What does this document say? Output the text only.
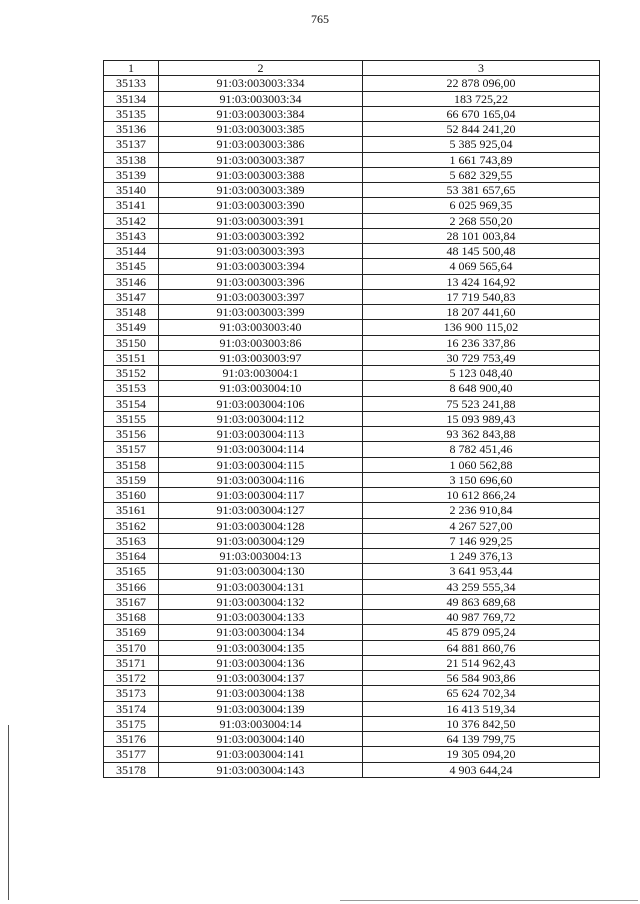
765
1	2	3
35133	91:03:003003:334	22 878 096,00
35134	91:03:003003:34	183 725,22
35135	91:03:003003:384	66 670 165,04
35136	91:03:003003:385	52 844 241,20
35137	91:03:003003:386	5 385 925,04
35138	91:03:003003:387	1 661 743,89
35139	91:03:003003:388	5 682 329,55
35140	91:03:003003:389	53 381 657,65
35141	91:03:003003:390	6 025 969,35
35142	91:03:003003:391	2 268 550,20
35143	91:03:003003:392	28 101 003,84
35144	91:03:003003:393	48 145 500,48
35145	91:03:003003:394	4 069 565,64
35146	91:03:003003:396	13 424 164,92
35147	91:03:003003:397	17 719 540,83
35148	91:03:003003:399	18 207 441,60
35149	91:03:003003:40	136 900 115,02
35150	91:03:003003:86	16 236 337,86
35151	91:03:003003:97	30 729 753,49
35152	91:03:003004:1	5 123 048,40
35153	91:03:003004:10	8 648 900,40
35154	91:03:003004:106	75 523 241,88
35155	91:03:003004:112	15 093 989,43
35156	91:03:003004:113	93 362 843,88
35157	91:03:003004:114	8 782 451,46
35158	91:03:003004:115	1 060 562,88
35159	91:03:003004:116	3 150 696,60
35160	91:03:003004:117	10 612 866,24
35161	91:03:003004:127	2 236 910,84
35162	91:03:003004:128	4 267 527,00
35163	91:03:003004:129	7 146 929,25
35164	91:03:003004:13	1 249 376,13
35165	91:03:003004:130	3 641 953,44
35166	91:03:003004:131	43 259 555,34
35167	91:03:003004:132	49 863 689,68
35168	91:03:003004:133	40 987 769,72
35169	91:03:003004:134	45 879 095,24
35170	91:03:003004:135	64 881 860,76
35171	91:03:003004:136	21 514 962,43
35172	91:03:003004:137	56 584 903,86
35173	91:03:003004:138	65 624 702,34
35174	91:03:003004:139	16 413 519,34
35175	91:03:003004:14	10 376 842,50
35176	91:03:003004:140	64 139 799,75
35177	91:03:003004:141	19 305 094,20
35178	91:03:003004:143	4 903 644,24
